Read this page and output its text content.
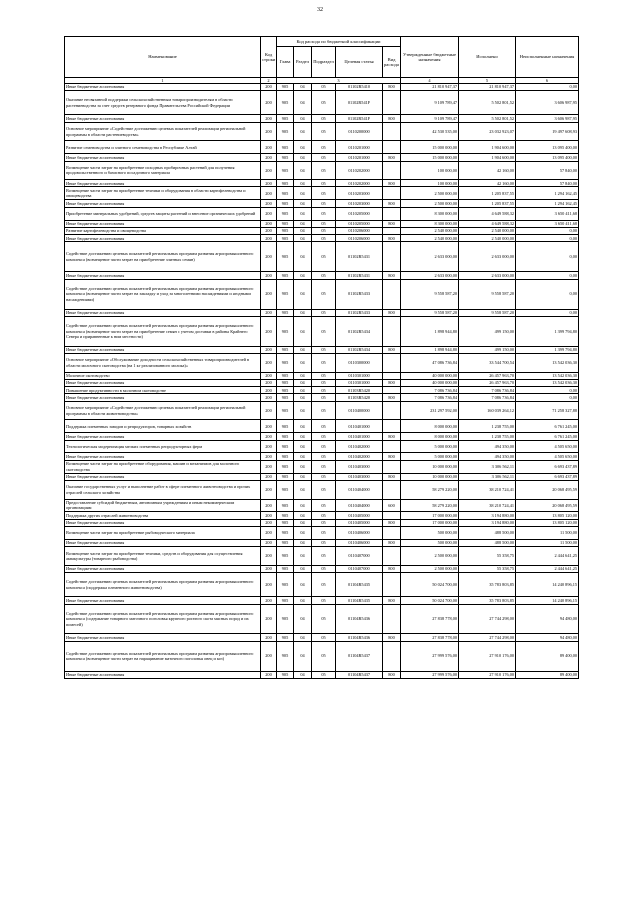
32
Наименование	Код строки	Код расхода по бюджетной классификации					Утвержденные бюджетные назначения	Исполнено	Неисполненные назначения
		Глава	Раздел	Подраздел	Целевая статья	Вид расхода			
1	2	3					4	5	6
Иные бюджетные ассигнования	200	905	04	05	01102R5410	800	21 810 947,37	21 810 947,37	0,00
Оказание несвязанной поддержки сельскохозяйственным товаропроизводителям в области растениеводства за счет средств резервного фонда Правительства Российской Федерации	200	905	04	05	01102R541F		9 109 789,47	5 502 801,52	3 606 987,95
Иные бюджетные ассигнования	200	905	04	05	01102R541F	800	9 109 789,47	5 502 801,52	3 606 987,95
Основное мероприятие «Содействие достижению целевых показателей реализации региональной программы в области растениеводства»	200	905	04	05	0110200000		42 530 535,00	23 032 923,07	19 497 608,93
Развитие семеноводства и элитного семеноводства в Республике Алтай	200	905	04	05	0110201000		15 000 000,00	1 904 600,00	13 095 400,00
Иные бюджетные ассигнования	200	905	04	05	0110201000	800	15 000 000,00	1 904 600,00	13 095 400,00
Возмещение части затрат на приобретение исходных пробирочных растений для получения продовольственного и базисного посадочного материала	200	905	04	05	0110202000		100 000,00	42 160,00	57 840,00
Иные бюджетные ассигнования	200	905	04	05	0110202000	800	100 000,00	42 160,00	57 840,00
Возмещение части затрат на приобретение техники и оборудования в области картофелеводства и овощеводства	200	905	04	05	0110203000		2 500 000,00	1 205 837,55	1 294 162,45
Иные бюджетные ассигнования	200	905	04	05	0110203000	800	2 500 000,00	1 205 837,55	1 294 162,45
Приобретение минеральных удобрений, средств защиты растений и внесение органических удобрений	200	905	04	05	0110205000		8 300 000,00	4 649 588,32	3 650 411,68
Иные бюджетные ассигнования	200	905	04	05	0110205000	800	8 300 000,00	4 649 588,32	3 650 411,68
Развитие картофелеводства и овощеводства	200	905	04	05	0110206000		2 540 000,00	2 540 000,00	0,00
Иные бюджетные ассигнования	200	905	04	05	0110206000	800	2 540 000,00	2 540 000,00	0,00
Содействие достижению целевых показателей региональных программ развития агропромышленного комплекса (возмещение части затрат на приобретение элитных семян)	200	905	04	05	01102R5431		2 633 000,00	2 633 000,00	0,00
Иные бюджетные ассигнования	200	905	04	05	01102R5431	800	2 633 000,00	2 633 000,00	0,00
Содействие достижению целевых показателей региональных программ развития агропромышленного комплекса (возмещение части затрат на закладку и уход за многолетними насаждениями и ягодными насаждениями)	200	905	04	05	01102R5433		9 558 587,20	9 558 587,20	0,00
Иные бюджетные ассигнования	200	905	04	05	01102R5433	800	9 558 587,20	9 558 587,20	0,00
Содействие достижению целевых показателей региональных программ развития агропромышленного комплекса (возмещение части затрат на приобретение семян с учетом доставки в районы Крайнего Севера и приравненные к ним местности)	200	905	04	05	01102R5434		1 898 944,80	499 150,00	1 399 794,80
Иные бюджетные ассигнования	200	905	04	05	01102R5434	800	1 898 944,80	499 150,00	1 399 794,80
Основное мероприятие «Обслуживание доходности сельскохозяйственных товаропроизводителей в области молочного скотоводства (на 1 кг реализованного молока)»	200	905	04	05	0110300000		47 086 736,84	33 544 700,54	13 542 036,30
Молочное скотоводство	200	905	04	05	0110301000		40 000 000,00	26 457 963,70	13 542 036,30
Иные бюджетные ассигнования	200	905	04	05	0110301000	800	40 000 000,00	26 457 963,70	13 542 036,30
Повышение продуктивности в молочном скотоводстве	200	905	04	05	01103R5420		7 086 736,84	7 086 736,84	0,00
Иные бюджетные ассигнования	200	905	04	05	01103R5420	800	7 086 736,84	7 086 736,84	0,00
Основное мероприятие «Содействие достижению целевых показателей реализации региональной программы в области животноводства»	200	905	04	05	0110400000		231 297 592,00	160 039 264,12	71 258 327,88
Поддержка племенных заводов и репродукторов, товарных хозяйств	200	905	04	05	0110401000		8 000 000,00	1 238 755,00	6 761 245,00
Иные бюджетные ассигнования	200	905	04	05	0110401000	800	8 000 000,00	1 238 755,00	6 761 245,00
Технологическая модернизация мелких племенных репродукторных ферм	200	905	04	05	0110402000		5 000 000,00	494 350,00	4 505 650,00
Иные бюджетные ассигнования	200	905	04	05	0110402000	800	5 000 000,00	494 350,00	4 505 650,00
Возмещение части затрат на приобретение оборудования, машин и механизмов для молочного скотоводства	200	905	04	05	0110403000		10 000 000,00	3 306 562,11	6 693 437,89
Иные бюджетные ассигнования	200	905	04	05	0110403000	800	10 000 000,00	3 306 562,11	6 693 437,89
Оказание государственных услуг и выполнение работ в сфере племенного животноводства и прочих отраслей сельского хозяйства	200	905	04	05	0110404000		58 279 220,00	38 210 724,41	20 068 495,59
Предоставление субсидий бюджетным, автономным учреждениям и иным некоммерческим организациям	200	905	04	05	0110404000	600	58 279 220,00	38 210 724,41	20 068 495,59
Поддержка других отраслей животноводства	200	905	04	05	0110405000		17 000 000,00	3 194 880,00	13 805 120,00
Иные бюджетные ассигнования	200	905	04	05	0110405000	800	17 000 000,00	3 194 880,00	13 805 120,00
Возмещение части затрат на приобретение рыбоводческого материала	200	905	04	05	0110406000		500 000,00	488 500,00	11 500,00
Иные бюджетные ассигнования	200	905	04	05	0110406000	800	500 000,00	488 500,00	11 500,00
Возмещение части затрат на приобретение техники, средств и оборудования для осуществления аквакультуры (товарного рыбоводства)	200	905	04	05	0110407000		2 500 000,00	55 358,75	2 444 641,25
Иные бюджетные ассигнования	200	905	04	05	0110407000	800	2 500 000,00	55 358,75	2 444 641,25
Содействие достижению целевых показателей региональных программ развития агропромышленного комплекса (поддержка племенного животноводства)	200	905	04	05	01104R5435		50 024 700,00	35 783 803,85	14 240 896,15
Иные бюджетные ассигнования	200	905	04	05	01104R5435	800	50 024 700,00	35 783 803,85	14 240 896,15
Содействие достижению целевых показателей региональных программ развития агропромышленного комплекса (содержание товарного маточного поголовья крупного рогатого скота мясных пород и их помесей)	200	905	04	05	01104R5436		27 838 778,00	27 744 298,00	94 480,00
Иные бюджетные ассигнования	200	905	04	05	01104R5436	800	27 838 778,00	27 744 298,00	94 480,00
Содействие достижению целевых показателей региональных программ развития агропромышленного комплекса (возмещение части затрат на наращивание маточного поголовья овец и коз)	200	905	04	05	01104R5437		27 999 576,00	27 910 176,00	89 400,00
Иные бюджетные ассигнования	200	905	04	05	01104R5437	800	27 999 576,00	27 910 176,00	89 400,00
